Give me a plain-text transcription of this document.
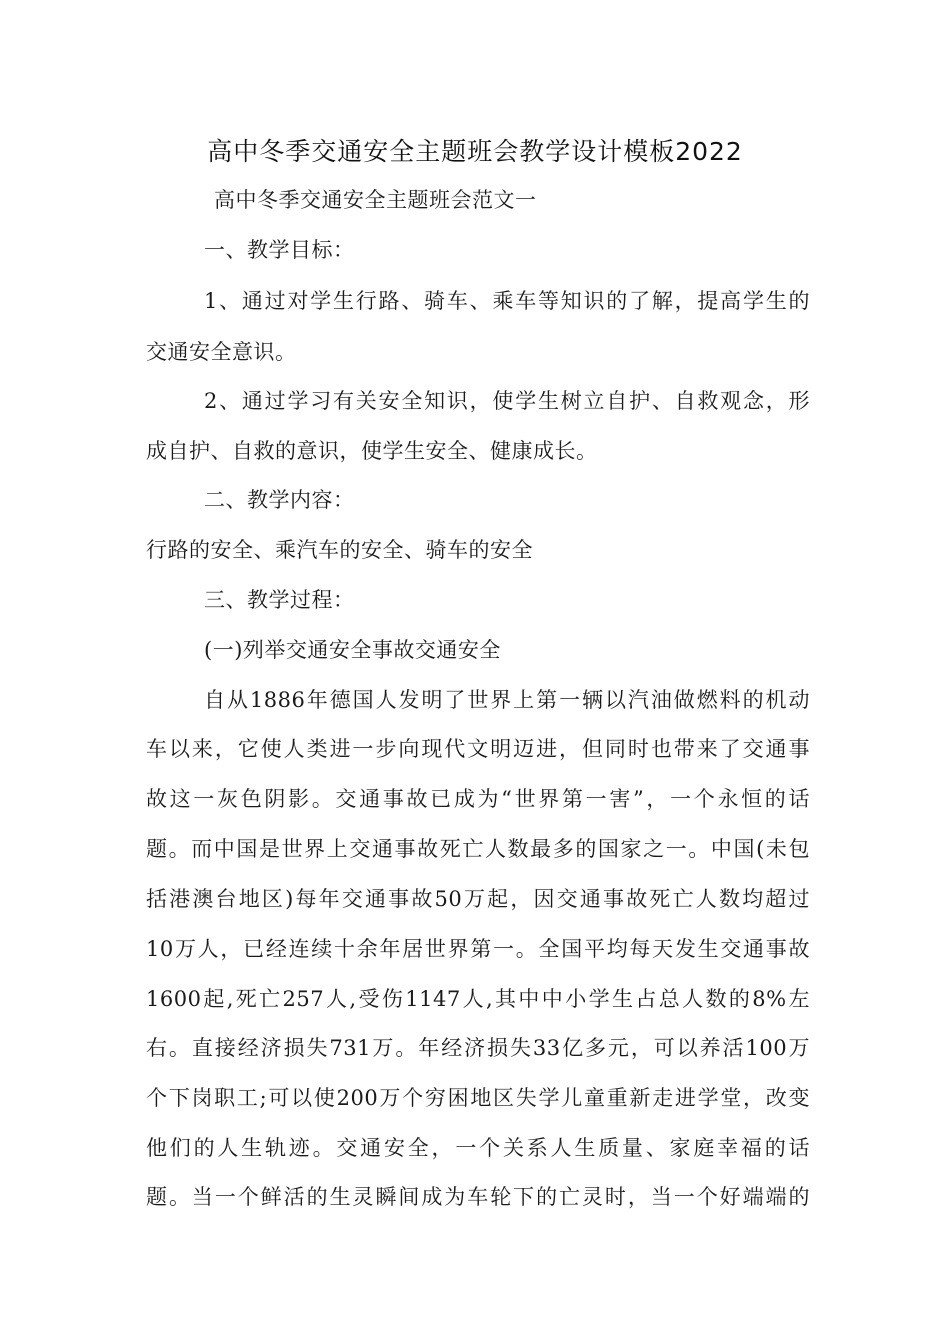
高中冬季交通安全主题班会教学设计模板2022
高中冬季交通安全主题班会范文一
一、教学目标：
1、通过对学生行路、骑车、乘车等知识的了解，提高学生的
交通安全意识。
2、通过学习有关安全知识，使学生树立自护、自救观念，形
成自护、自救的意识，使学生安全、健康成长。
二、教学内容：
行路的安全、乘汽车的安全、骑车的安全
三、教学过程：
(一)列举交通安全事故交通安全
自从1886年德国人发明了世界上第一辆以汽油做燃料的机动
车以来，它使人类进一步向现代文明迈进，但同时也带来了交通事
故这一灰色阴影。交通事故已成为“世界第一害”，一个永恒的话
题。而中国是世界上交通事故死亡人数最多的国家之一。中国(未包
括港澳台地区)每年交通事故50万起，因交通事故死亡人数均超过
10万人，已经连续十余年居世界第一。全国平均每天发生交通事故
1600起,死亡257人,受伤1147人,其中中小学生占总人数的8%左
右。直接经济损失731万。年经济损失33亿多元，可以养活100万
个下岗职工;可以使200万个穷困地区失学儿童重新走进学堂，改变
他们的人生轨迹。交通安全，一个关系人生质量、家庭幸福的话
题。当一个鲜活的生灵瞬间成为车轮下的亡灵时，当一个好端端的
